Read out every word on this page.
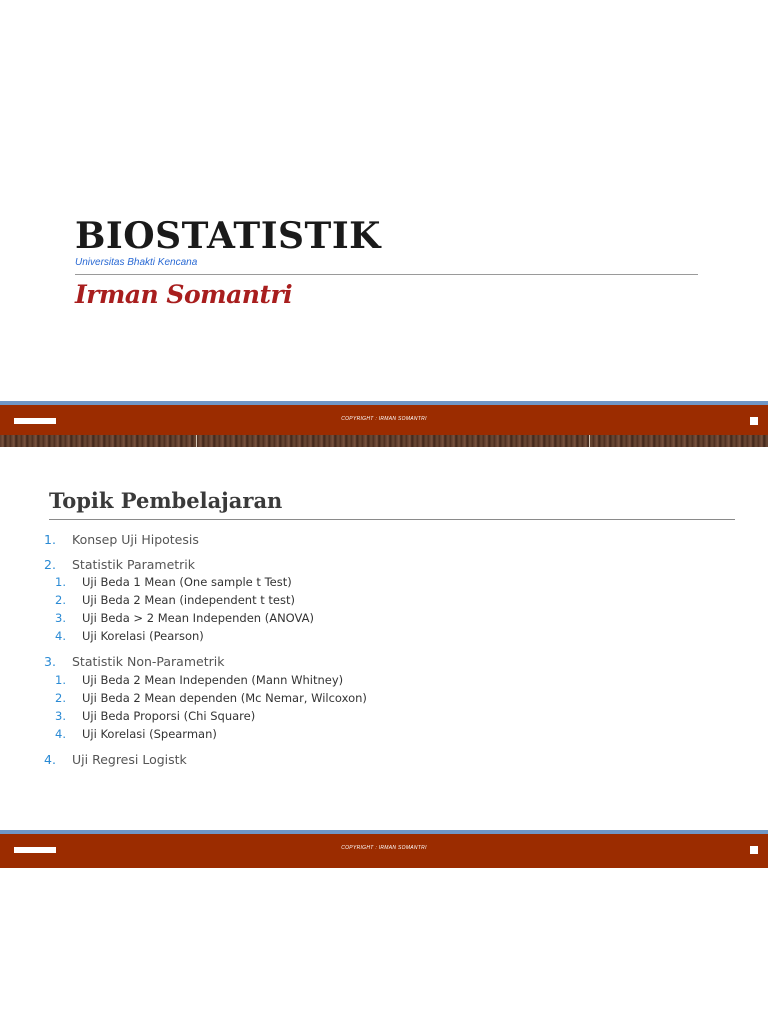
BIOSTATISTIK
Universitas Bhakti Kencana
Irman Somantri
COPYRIGHT : IRMAN SOMANTRI
Topik Pembelajaran
1. Konsep Uji Hipotesis
2. Statistik Parametrik
1. Uji Beda 1 Mean (One sample t Test)
2. Uji Beda 2 Mean (independent t test)
3. Uji Beda > 2 Mean Independen (ANOVA)
4. Uji Korelasi (Pearson)
3. Statistik Non-Parametrik
1. Uji Beda 2 Mean Independen (Mann Whitney)
2. Uji Beda 2 Mean dependen (Mc Nemar, Wilcoxon)
3. Uji Beda Proporsi (Chi Square)
4. Uji Korelasi (Spearman)
4. Uji Regresi Logistk
COPYRIGHT : IRMAN SOMANTRI
